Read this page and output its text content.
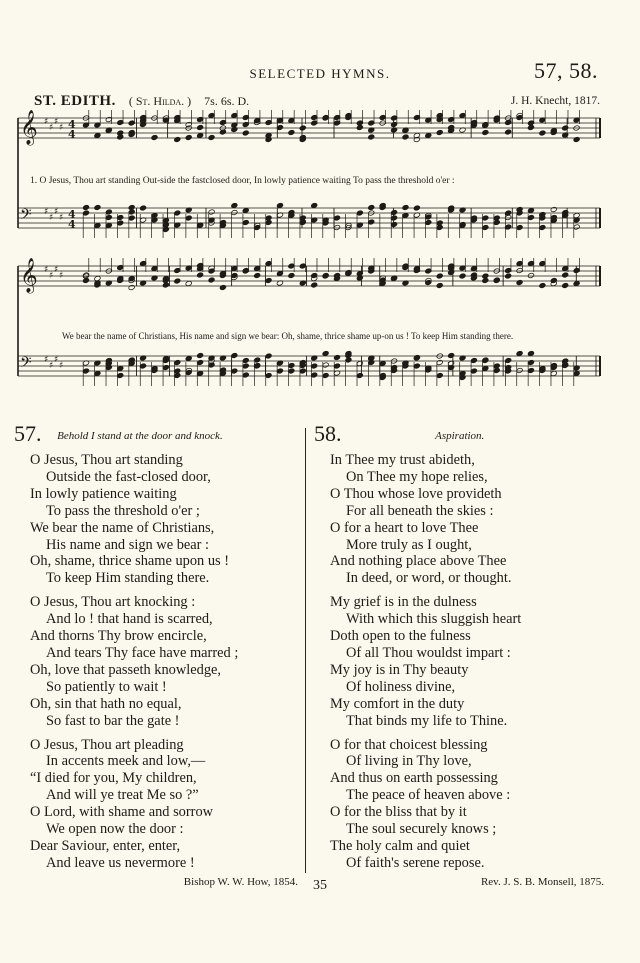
SELECTED HYMNS.	57, 58.
ST. EDITH. ( St. Hilda. ) 7s. 6s. D.	J. H. Knecht, 1817.
𝄞 ♯
♯
♯
♯ 4
4
𝄢 ♯
♯
♯
♯ 4
4
𝄞 ♯
♯
♯
♯
𝄢 ♯
♯
♯
♯
1. O Jesus, Thou art standing Out-side the fastclosed door, In lowly patience waiting To pass the threshold o'er :
We bear the name of Christians, His name and sign we bear: Oh, shame, thrice shame up-on us ! To keep Him standing there.
57. Behold I stand at the door and knock.
O Jesus, Thou art standing
Outside the fast-closed door,
In lowly patience waiting
To pass the threshold o'er ;
We bear the name of Christians,
His name and sign we bear :
Oh, shame, thrice shame upon us !
To keep Him standing there.
O Jesus, Thou art knocking :
And lo ! that hand is scarred,
And thorns Thy brow encircle,
And tears Thy face have marred ;
Oh, love that passeth knowledge,
So patiently to wait !
Oh, sin that hath no equal,
So fast to bar the gate !
O Jesus, Thou art pleading
In accents meek and low,—
“I died for you, My children,
And will ye treat Me so ?”
O Lord, with shame and sorrow
We open now the door :
Dear Saviour, enter, enter,
And leave us nevermore !
Bishop W. W. How, 1854.
58.	Aspiration.
In Thee my trust abideth,
On Thee my hope relies,
O Thou whose love provideth
For all beneath the skies :
O for a heart to love Thee
More truly as I ought,
And nothing place above Thee
In deed, or word, or thought.
My grief is in the dulness
With which this sluggish heart
Doth open to the fulness
Of all Thou wouldst impart :
My joy is in Thy beauty
Of holiness divine,
My comfort in the duty
That binds my life to Thine.
O for that choicest blessing
Of living in Thy love,
And thus on earth possessing
The peace of heaven above :
O for the bliss that by it
The soul securely knows ;
The holy calm and quiet
Of faith's serene repose.
Rev. J. S. B. Monsell, 1875.
35
